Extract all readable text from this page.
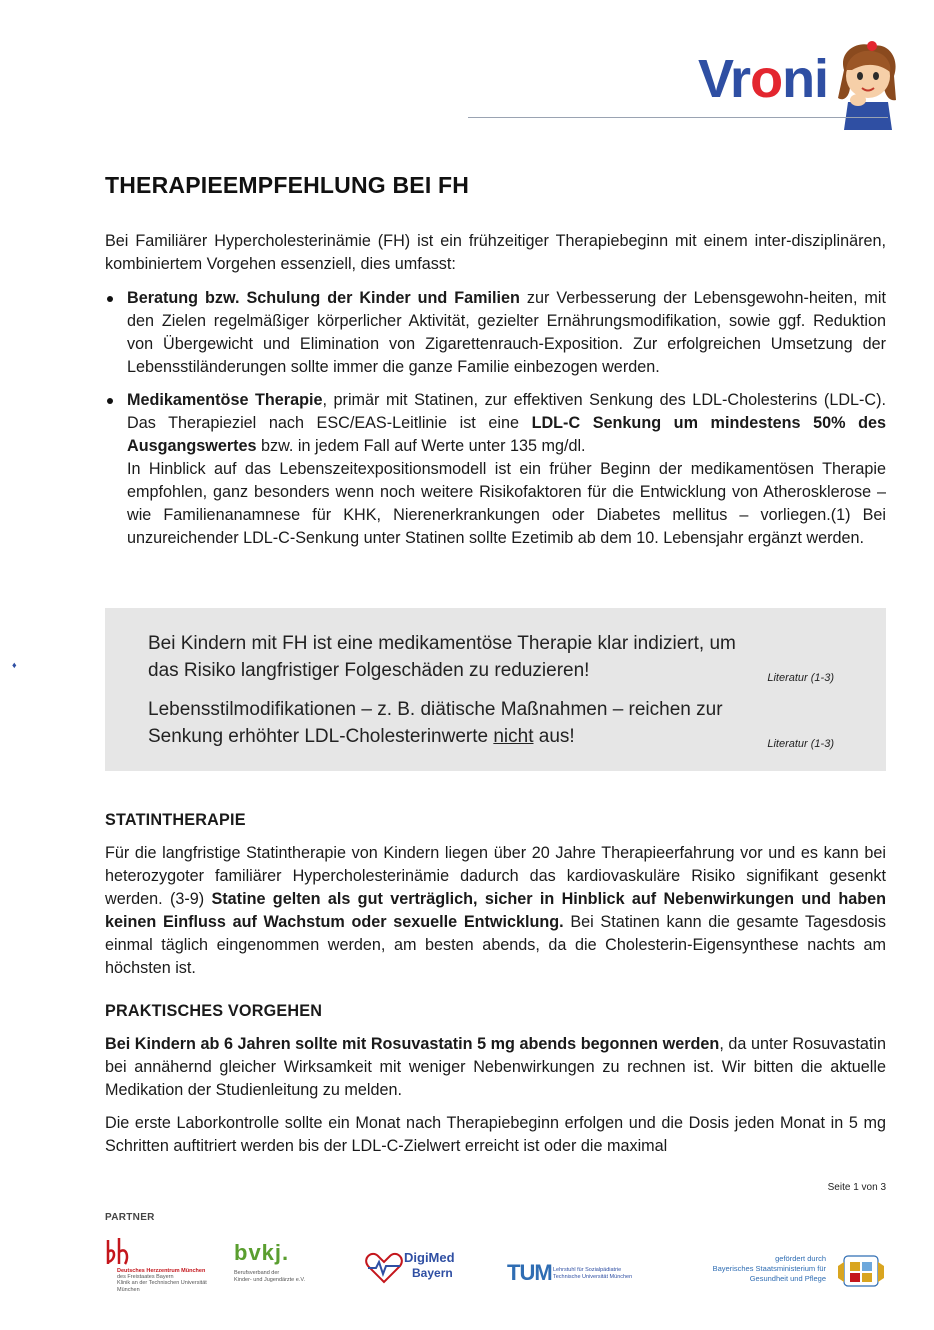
Vroni
THERAPIEEMPFEHLUNG BEI FH

Bei Familiärer Hypercholesterinämie (FH) ist ein frühzeitiger Therapiebeginn mit einem inter-disziplinären, kombiniertem Vorgehen essenziell, dies umfasst:

Beratung bzw. Schulung der Kinder und Familien zur Verbesserung der Lebensgewohn-heiten, mit den Zielen regelmäßiger körperlicher Aktivität, gezielter Ernährungsmodifikation, sowie ggf. Reduktion von Übergewicht und Elimination von Zigarettenrauch-Exposition. Zur erfolgreichen Umsetzung der Lebensstiländerungen sollte immer die ganze Familie einbezogen werden.

Medikamentöse Therapie, primär mit Statinen, zur effektiven Senkung des LDL-Cholesterins (LDL-C). Das Therapieziel nach ESC/EAS-Leitlinie ist eine LDL-C Senkung um mindestens 50% des Ausgangswertes bzw. in jedem Fall auf Werte unter 135 mg/dl.

In Hinblick auf das Lebenszeitexpositionsmodell ist ein früher Beginn der medikamentösen Therapie empfohlen, ganz besonders wenn noch weitere Risikofaktoren für die Entwicklung von Atherosklerose – wie Familienanamnese für KHK, Nierenerkrankungen oder Diabetes mellitus – vorliegen.(1) Bei unzureichender LDL-C-Senkung unter Statinen sollte Ezetimib ab dem 10. Lebensjahr ergänzt werden.

♦
Bei Kindern mit FH ist eine medikamentöse Therapie klar indiziert, um das Risiko langfristiger Folgeschäden zu reduzieren!	Literatur (1-3)
Lebensstilmodifikationen – z. B. diätische Maßnahmen – reichen zur Senkung erhöhter LDL-Cholesterinwerte nicht aus!	Literatur (1-3)
STATINTHERAPIE

Für die langfristige Statintherapie von Kindern liegen über 20 Jahre Therapieerfahrung vor und es kann bei heterozygoter familiärer Hypercholesterinämie dadurch das kardiovaskuläre Risiko signifikant gesenkt werden. (3-9) Statine gelten als gut verträglich, sicher in Hinblick auf Nebenwirkungen und haben keinen Einfluss auf Wachstum oder sexuelle Entwicklung. Bei Statinen kann die gesamte Tagesdosis einmal täglich eingenommen werden, am besten abends, da die Cholesterin-Eigensynthese nachts am höchsten ist.

PRAKTISCHES VORGEHEN

Bei Kindern ab 6 Jahren sollte mit Rosuvastatin 5 mg abends begonnen werden, da unter Rosuvastatin bei annähernd gleicher Wirksamkeit mit weniger Nebenwirkungen zu rechnen ist. Wir bitten die aktuelle Medikation der Studienleitung zu melden.

Die erste Laborkontrolle sollte ein Monat nach Therapiebeginn erfolgen und die Dosis jeden Monat in 5 mg Schritten auftitriert werden bis der LDL-C-Zielwert erreicht ist oder die maximal

Seite 1 von 3
PARTNER
Deutsches Herzzentrum München
des Freistaates Bayern
Klinik an der Technischen Universität München
bvkj.
Berufsverband der
Kinder- und Jugendärzte e.V.
DigiMed
Bayern TUM Lehrstuhl für Sozialpädiatrie
Technische Universität München
gefördert durch
Bayerisches Staatsministerium für
Gesundheit und Pflege
